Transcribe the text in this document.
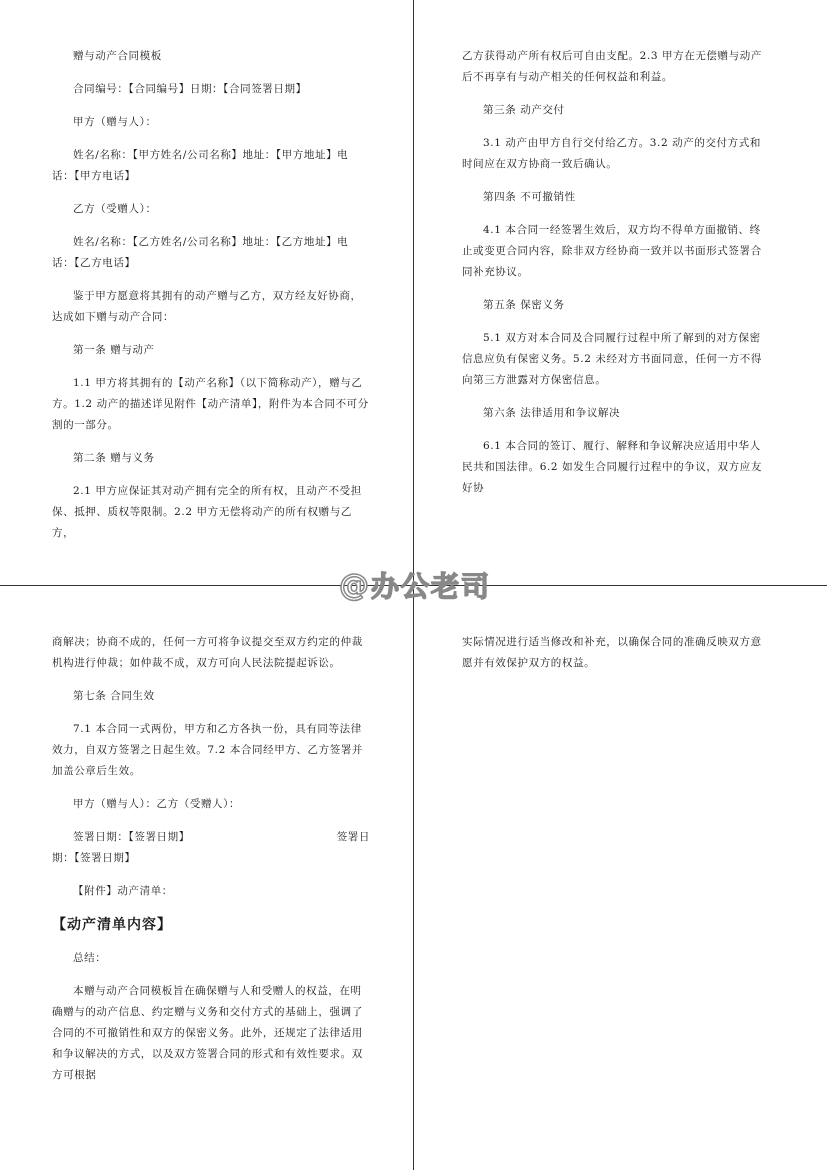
赠与动产合同模板

合同编号：【合同编号】日期：【合同签署日期】

甲方（赠与人）：

姓名/名称：【甲方姓名/公司名称】地址：【甲方地址】电话：【甲方电话】

乙方（受赠人）：

姓名/名称：【乙方姓名/公司名称】地址：【乙方地址】电话：【乙方电话】

鉴于甲方愿意将其拥有的动产赠与乙方，双方经友好协商，达成如下赠与动产合同：

第一条 赠与动产

1.1 甲方将其拥有的【动产名称】（以下简称动产），赠与乙方。1.2 动产的描述详见附件【动产清单】，附件为本合同不可分割的一部分。

第二条 赠与义务

2.1 甲方应保证其对动产拥有完全的所有权，且动产不受担保、抵押、质权等限制。2.2 甲方无偿将动产的所有权赠与乙方，

乙方获得动产所有权后可自由支配。2.3 甲方在无偿赠与动产后不再享有与动产相关的任何权益和利益。

第三条 动产交付

3.1 动产由甲方自行交付给乙方。3.2 动产的交付方式和时间应在双方协商一致后确认。

第四条 不可撤销性

4.1 本合同一经签署生效后，双方均不得单方面撤销、终止或变更合同内容，除非双方经协商一致并以书面形式签署合同补充协议。

第五条 保密义务

5.1 双方对本合同及合同履行过程中所了解到的对方保密信息应负有保密义务。5.2 未经对方书面同意，任何一方不得向第三方泄露对方保密信息。

第六条 法律适用和争议解决

6.1 本合同的签订、履行、解释和争议解决应适用中华人民共和国法律。6.2 如发生合同履行过程中的争议，双方应友好协

商解决；协商不成的，任何一方可将争议提交至双方约定的仲裁机构进行仲裁；如仲裁不成，双方可向人民法院提起诉讼。

第七条 合同生效

7.1 本合同一式两份，甲方和乙方各执一份，具有同等法律效力，自双方签署之日起生效。7.2 本合同经甲方、乙方签署并加盖公章后生效。

甲方（赠与人）：乙方（受赠人）：

签署日期：【签署日期】	签署日

期：【签署日期】

【附件】动产清单：

【动产清单内容】

总结：

本赠与动产合同模板旨在确保赠与人和受赠人的权益，在明确赠与的动产信息、约定赠与义务和交付方式的基础上，强调了合同的不可撤销性和双方的保密义务。此外，还规定了法律适用和争议解决的方式，以及双方签署合同的形式和有效性要求。双方可根据

实际情况进行适当修改和补充，以确保合同的准确反映双方意愿并有效保护双方的权益。

@ 办公老司
